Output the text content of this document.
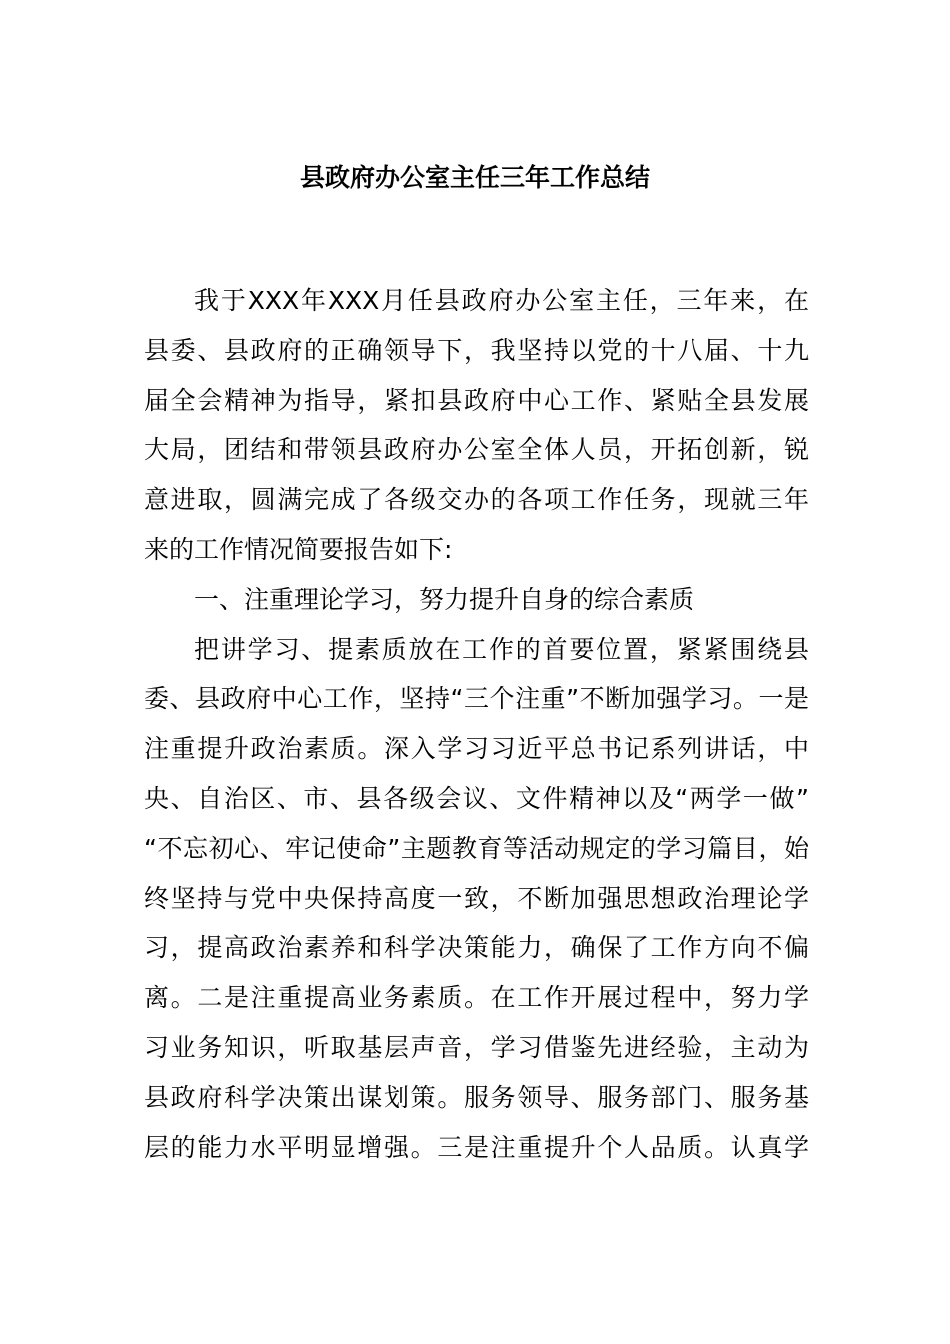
县政府办公室主任三年工作总结
我于XXX年XXX月任县政府办公室主任，三年来，在
县委、县政府的正确领导下，我坚持以党的十八届、十九
届全会精神为指导，紧扣县政府中心工作、紧贴全县发展
大局，团结和带领县政府办公室全体人员，开拓创新，锐
意进取，圆满完成了各级交办的各项工作任务，现就三年
来的工作情况简要报告如下:
一、注重理论学习，努力提升自身的综合素质
把讲学习、提素质放在工作的首要位置，紧紧围绕县
委、县政府中心工作，坚持“三个注重”不断加强学习。一是
注重提升政治素质。深入学习习近平总书记系列讲话，中
央、自治区、市、县各级会议、文件精神以及“两学一做”
“不忘初心、牢记使命”主题教育等活动规定的学习篇目，始
终坚持与党中央保持高度一致，不断加强思想政治理论学
习，提高政治素养和科学决策能力，确保了工作方向不偏
离。二是注重提高业务素质。在工作开展过程中，努力学
习业务知识，听取基层声音，学习借鉴先进经验，主动为
县政府科学决策出谋划策。服务领导、服务部门、服务基
层的能力水平明显增强。三是注重提升个人品质。认真学
